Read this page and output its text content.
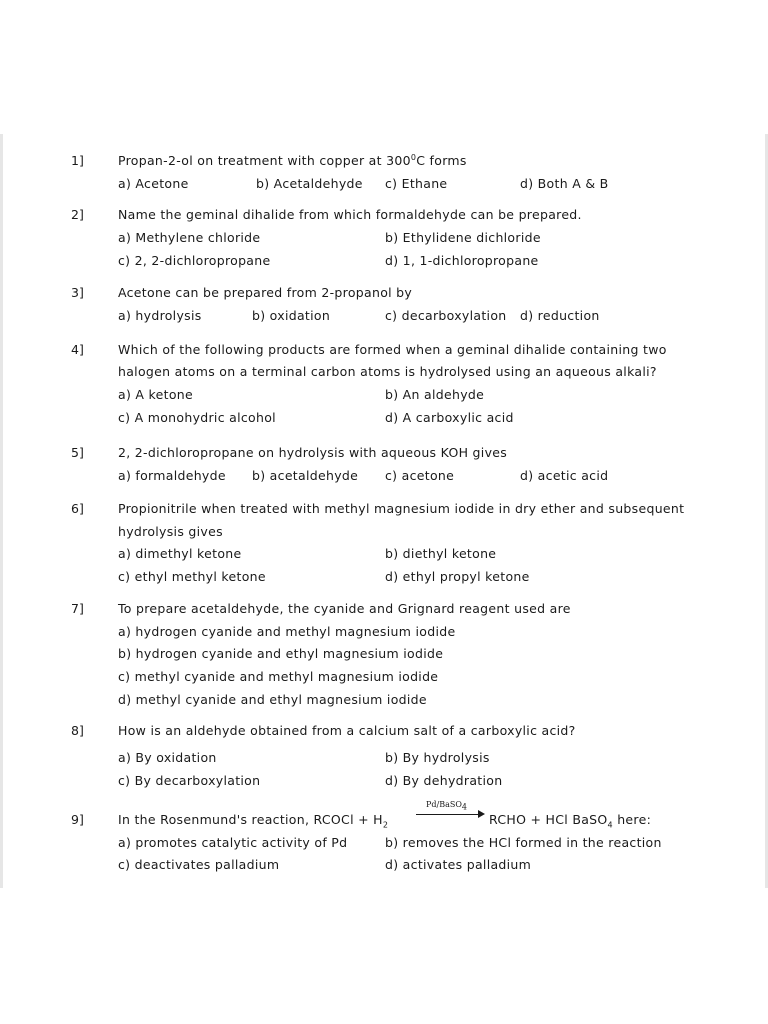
1]	Propan-2-ol on treatment with copper at $300^0C$ forms
a) Acetone	b) Acetaldehyde c) Ethane	d) Both A & B
2]	Name the geminal dihalide from which formaldehyde can be prepared.
a) Methylene chloride	b) Ethylidene dichloride
c) 2, 2-dichloropropane	d) 1, 1-dichloropropane
3]	Acetone can be prepared from 2-propanol by
a) hydrolysis	b) oxidation	c) decarboxylation d) reduction
4]	Which of the following products are formed when a geminal dihalide containing two
halogen atoms on a terminal carbon atoms is hydrolysed using an aqueous alkali?
a) A ketone	b) An aldehyde
c) A monohydric alcohol	d) A carboxylic acid
5]	2, 2-dichloropropane on hydrolysis with aqueous KOH gives
a) formaldehyde b) acetaldehyde c) acetone	d) acetic acid
6]	Propionitrile when treated with methyl magnesium iodide in dry ether and subsequent
hydrolysis gives
a) dimethyl ketone	b) diethyl ketone
c) ethyl methyl ketone	d) ethyl propyl ketone
7]	To prepare acetaldehyde, the cyanide and Grignard reagent used are
a) hydrogen cyanide and methyl magnesium iodide
b) hydrogen cyanide and ethyl magnesium iodide
c) methyl cyanide and methyl magnesium iodide
d) methyl cyanide and ethyl magnesium iodide
8]	How is an aldehyde obtained from a calcium salt of a carboxylic acid?
a) By oxidation	b) By hydrolysis
c) By decarboxylation	d) By dehydration
9]	In the Rosenmund's reaction, RCOCl + $H_2$
Pd/BaSO$_4$
RCHO + HCl BaSO$_4$ here:
a) promotes catalytic activity of Pd	b) removes the HCl formed in the reaction
c) deactivates palladium	d) activates palladium
